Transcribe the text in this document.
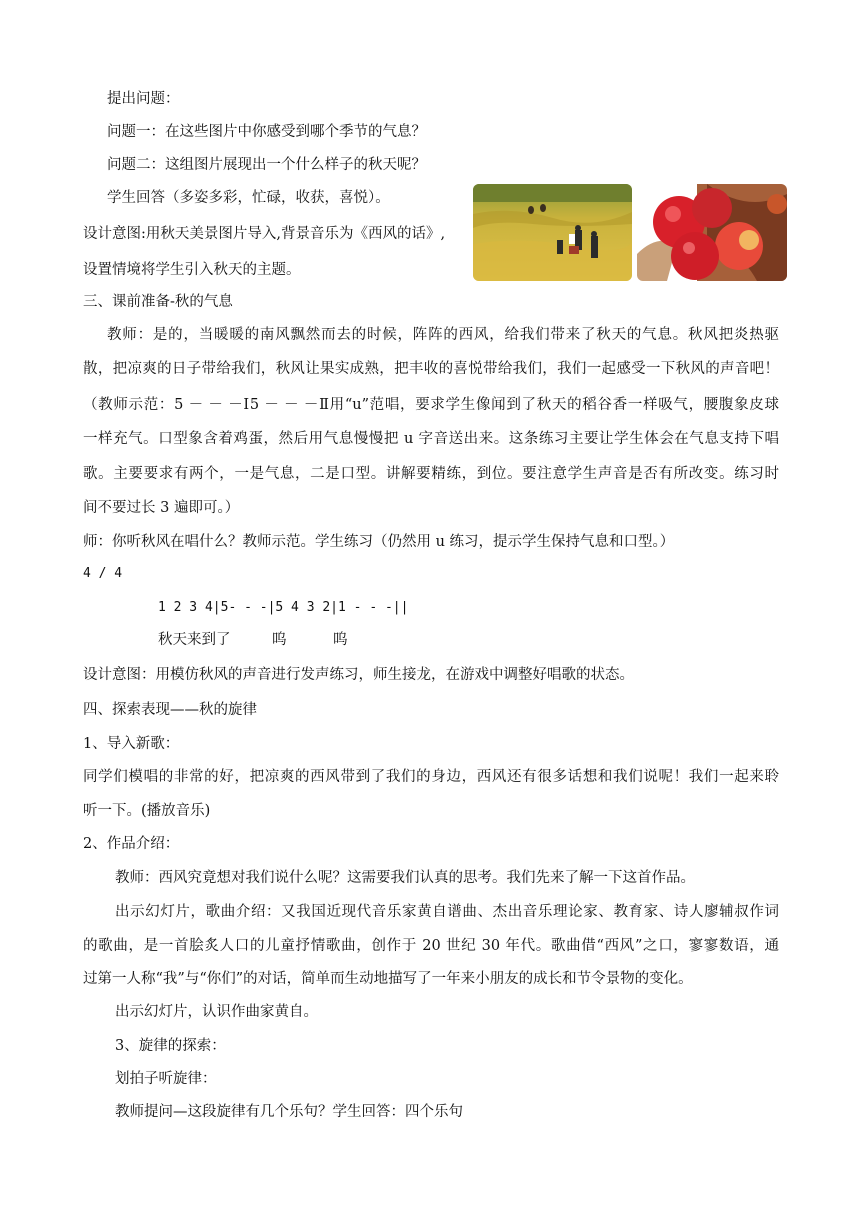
提出问题：
问题一：在这些图片中你感受到哪个季节的气息？
问题二：这组图片展现出一个什么样子的秋天呢？
学生回答（多姿多彩，忙碌，收获，喜悦）。
设计意图:用秋天美景图片导入,背景音乐为《西风的话》,
设置情境将学生引入秋天的主题。
三、课前准备-秋的气息
教师：是的，当暖暖的南风飘然而去的时候，阵阵的西风，给我们带来了秋天的气息。秋风把炎热驱
散，把凉爽的日子带给我们，秋风让果实成熟，把丰收的喜悦带给我们，我们一起感受一下秋风的声音吧！
（教师示范：5 － － －Ⅰ5 － － －Ⅱ用“u”范唱，要求学生像闻到了秋天的稻谷香一样吸气，腰腹象皮球
一样充气。口型象含着鸡蛋，然后用气息慢慢把 u 字音送出来。这条练习主要让学生体会在气息支持下唱
歌。主要要求有两个，一是气息，二是口型。讲解要精练，到位。要注意学生声音是否有所改变。练习时
间不要过长 3 遍即可。）
师：你听秋风在唱什么？教师示范。学生练习（仍然用 u 练习，提示学生保持气息和口型。）
4 / 4
1 2 3 4|5- - -|5 4 3 2|1 - - -||
秋天来到了	呜	呜
设计意图：用模仿秋风的声音进行发声练习，师生接龙，在游戏中调整好唱歌的状态。
四、探索表现——秋的旋律
1、导入新歌：
同学们模唱的非常的好，把凉爽的西风带到了我们的身边，西风还有很多话想和我们说呢！我们一起来聆
听一下。(播放音乐)
2、作品介绍：
教师：西风究竟想对我们说什么呢？这需要我们认真的思考。我们先来了解一下这首作品。
出示幻灯片，歌曲介绍：又我国近现代音乐家黄自谱曲、杰出音乐理论家、教育家、诗人廖辅叔作词
的歌曲，是一首脍炙人口的儿童抒情歌曲，创作于 20 世纪 30 年代。歌曲借“西风”之口，寥寥数语，通
过第一人称“我”与“你们”的对话，简单而生动地描写了一年来小朋友的成长和节令景物的变化。
出示幻灯片，认识作曲家黄自。
3、旋律的探索：
划拍子听旋律：
教师提问—这段旋律有几个乐句？学生回答：四个乐句
